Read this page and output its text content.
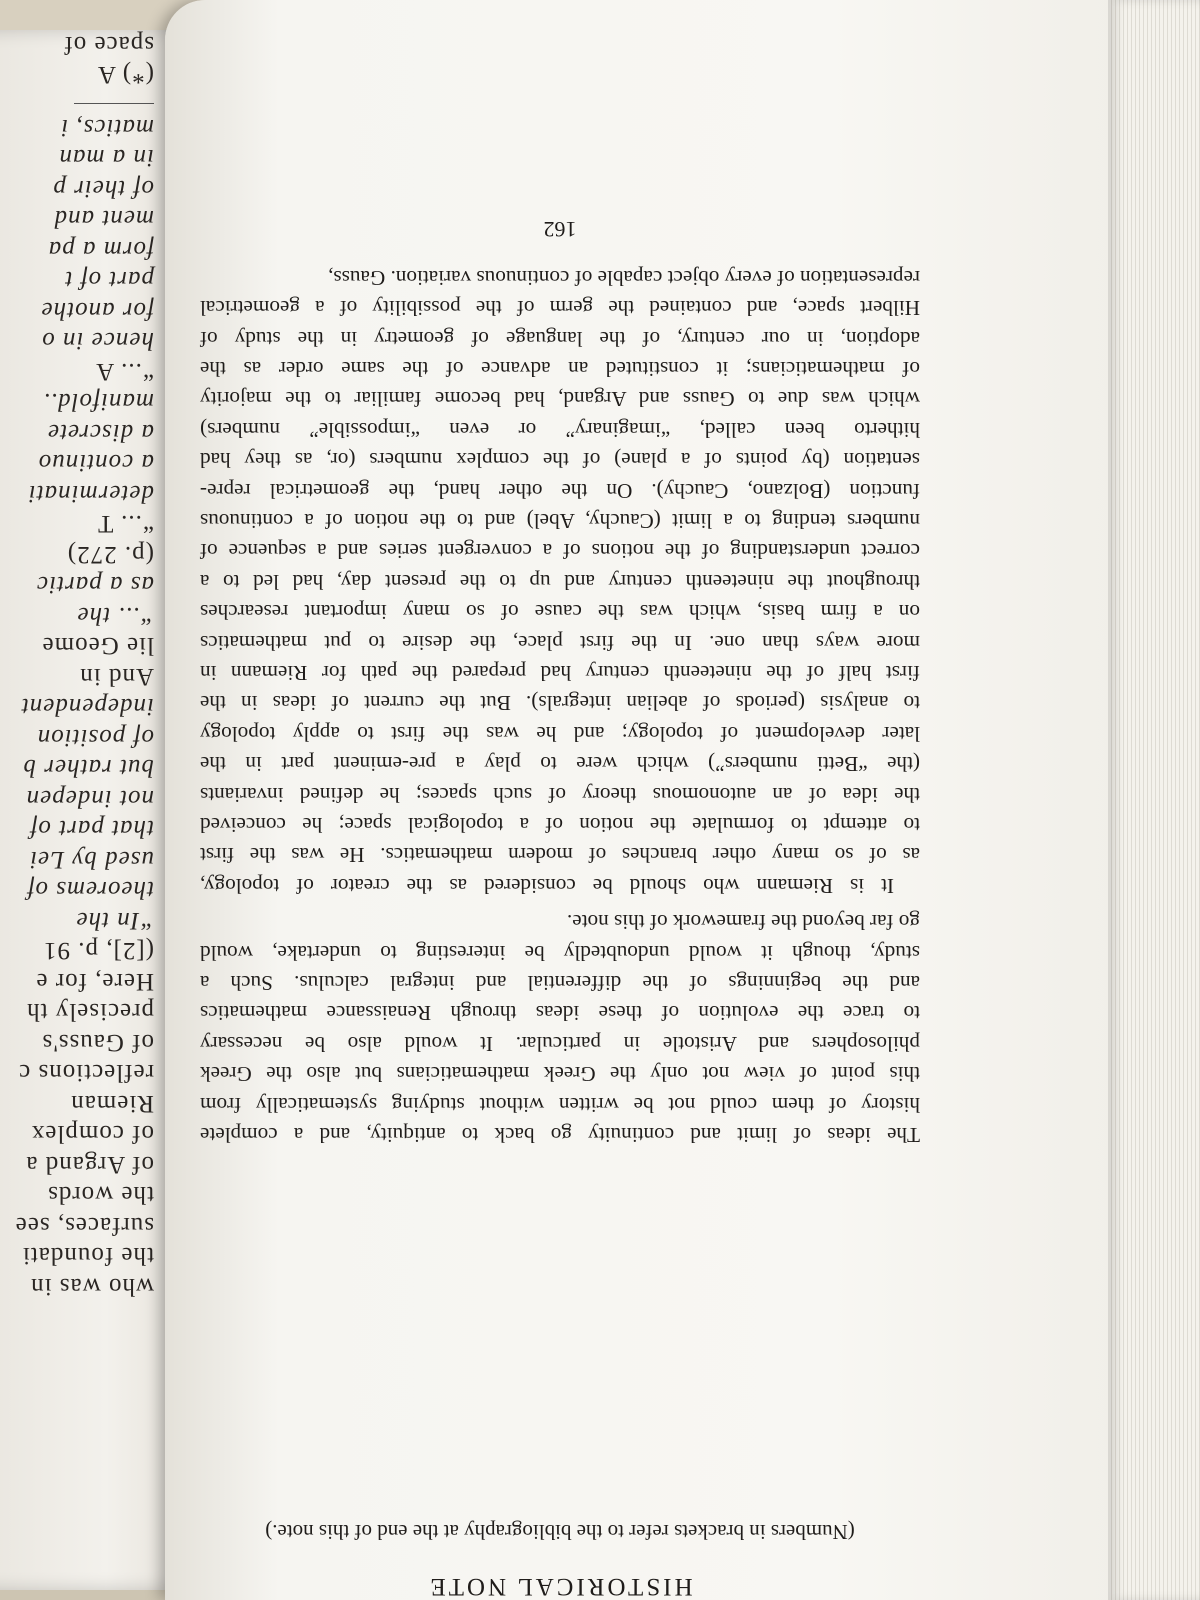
who was in
the foundati
surfaces, see
the words
of Argand a
of complex
Rieman
reflections c
of Gauss's
precisely th
Here, for e
([2], p. 91
“In the
theorems of
used by Lei
that part of
not indepen
but rather b
of position
independent
And in
lie Geome
“... the
as a partic
(p. 272)
“... T
determinati
a continuo
a discrete
manifold..
“... A
hence in o
for anothe
part of t
form a pa
ment and
of their p
in a man
matics, i
(*) A
space of
HISTORICAL NOTE

(Numbers in brackets refer to the bibliography at the end of this note.)

The ideas of limit and continuity go back to antiquity, and a complete
history of them could not be written without studying systematically from
this point of view not only the Greek mathematicians but also the Greek
philosophers and Aristotle in particular. It would also be necessary
to trace the evolution of these ideas through Renaissance mathematics
and the beginnings of the differential and integral calculus. Such a
study, though it would undoubtedly be interesting to undertake, would
go far beyond the framework of this note.
It is Riemann who should be considered as the creator of topology,
as of so many other branches of modern mathematics. He was the first
to attempt to formulate the notion of a topological space; he conceived
the idea of an autonomous theory of such spaces; he defined invariants
(the “Betti numbers”) which were to play a pre-eminent part in the
later development of topology; and he was the first to apply topology
to analysis (periods of abelian integrals). But the current of ideas in the
first half of the nineteenth century had prepared the path for Riemann in
more ways than one. In the first place, the desire to put mathematics
on a firm basis, which was the cause of so many important researches
throughout the nineteenth century and up to the present day, had led to a
correct understanding of the notions of a convergent series and a sequence of
numbers tending to a limit (Cauchy, Abel) and to the notion of a continuous
function (Bolzano, Cauchy). On the other hand, the geometrical repre-
sentation (by points of a plane) of the complex numbers (or, as they had
hitherto been called, “imaginary” or even “impossible” numbers)
which was due to Gauss and Argand, had become familiar to the majority
of mathematicians; it constituted an advance of the same order as the
adoption, in our century, of the language of geometry in the study of
Hilbert space, and contained the germ of the possibility of a geometrical
representation of every object capable of continuous variation. Gauss,
162
